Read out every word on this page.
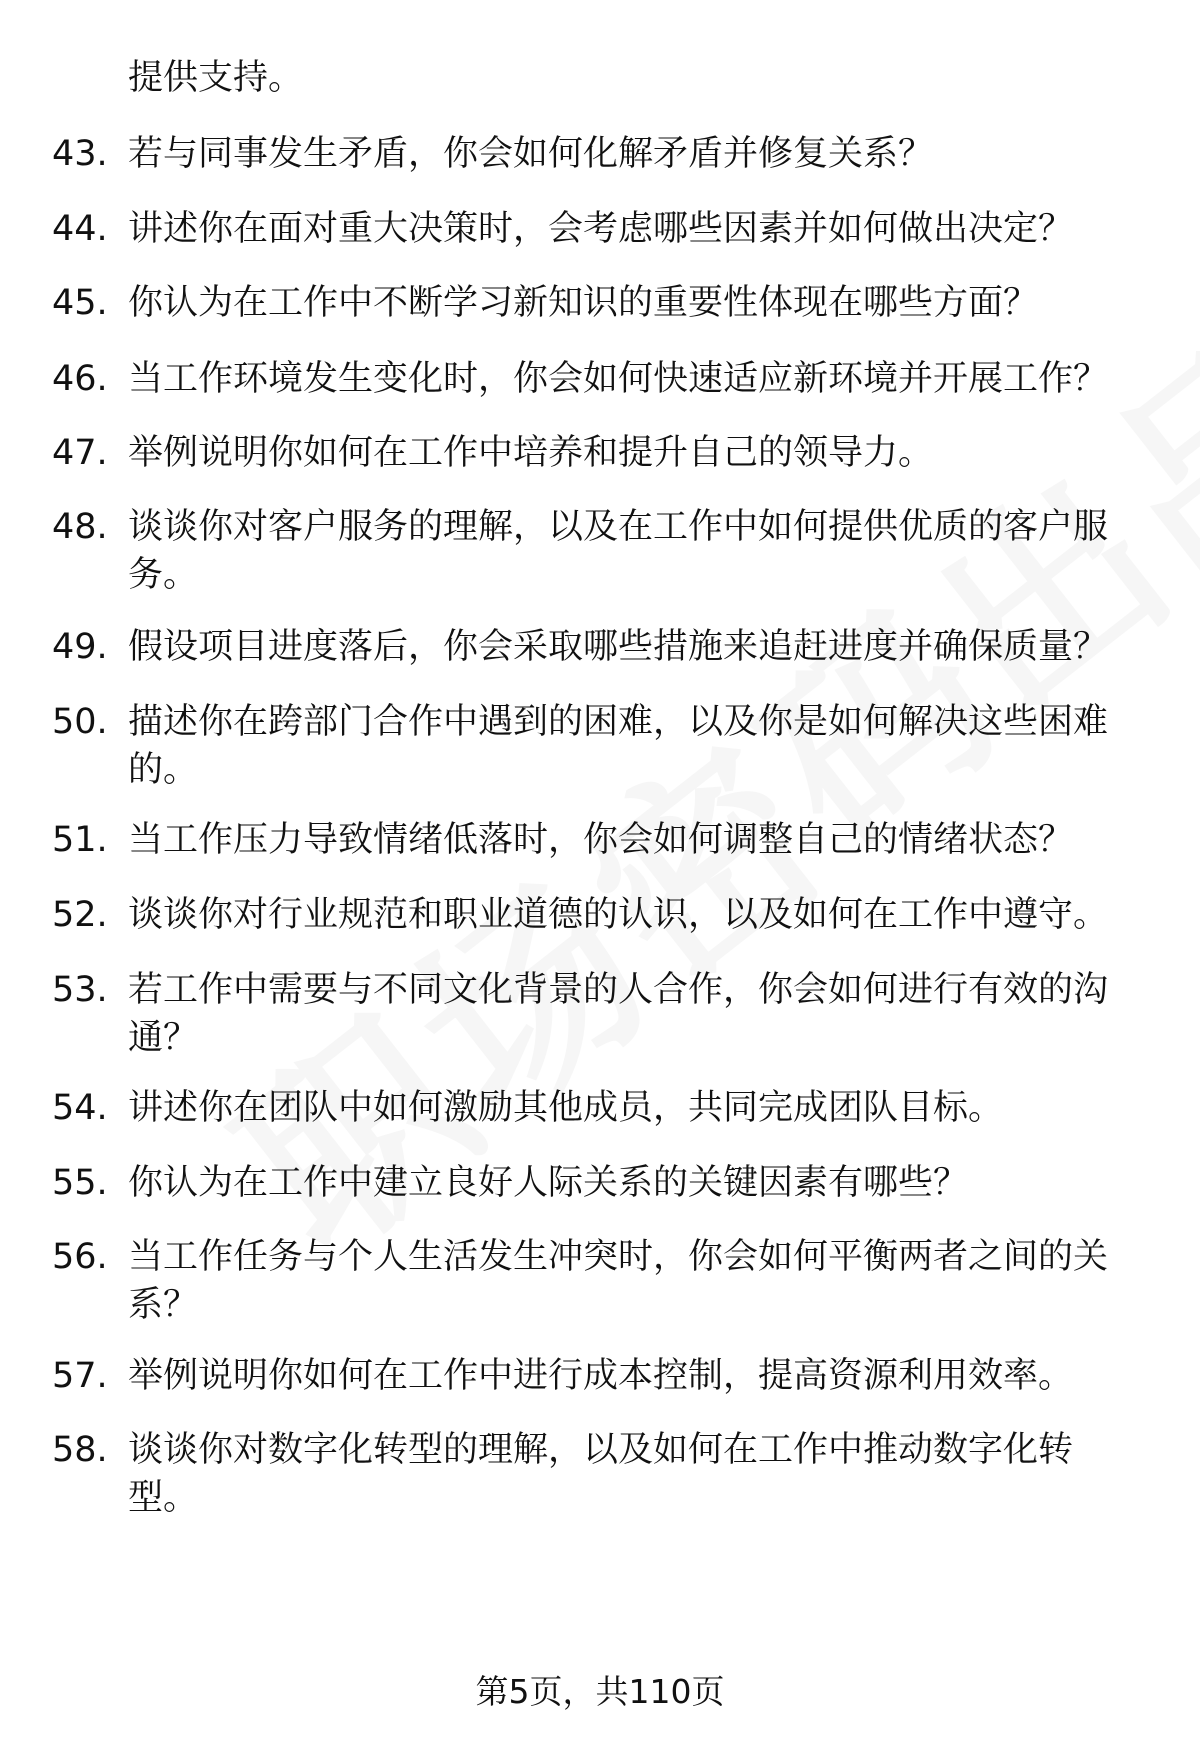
提供支持。
43. 若与同事发生矛盾，你会如何化解矛盾并修复关系？
44. 讲述你在面对重大决策时，会考虑哪些因素并如何做出决定？
45. 你认为在工作中不断学习新知识的重要性体现在哪些方面？
46. 当工作环境发生变化时，你会如何快速适应新环境并开展工作？
47. 举例说明你如何在工作中培养和提升自己的领导力。
48. 谈谈你对客户服务的理解，以及在工作中如何提供优质的客户服
务。
49. 假设项目进度落后，你会采取哪些措施来追赶进度并确保质量？
50. 描述你在跨部门合作中遇到的困难，以及你是如何解决这些困难
的。
51. 当工作压力导致情绪低落时，你会如何调整自己的情绪状态？
52. 谈谈你对行业规范和职业道德的认识，以及如何在工作中遵守。
53. 若工作中需要与不同文化背景的人合作，你会如何进行有效的沟
通？
54. 讲述你在团队中如何激励其他成员，共同完成团队目标。
55. 你认为在工作中建立良好人际关系的关键因素有哪些？
56. 当工作任务与个人生活发生冲突时，你会如何平衡两者之间的关
系？
57. 举例说明你如何在工作中进行成本控制，提高资源利用效率。
58. 谈谈你对数字化转型的理解，以及如何在工作中推动数字化转
型。
第5页，共110页
